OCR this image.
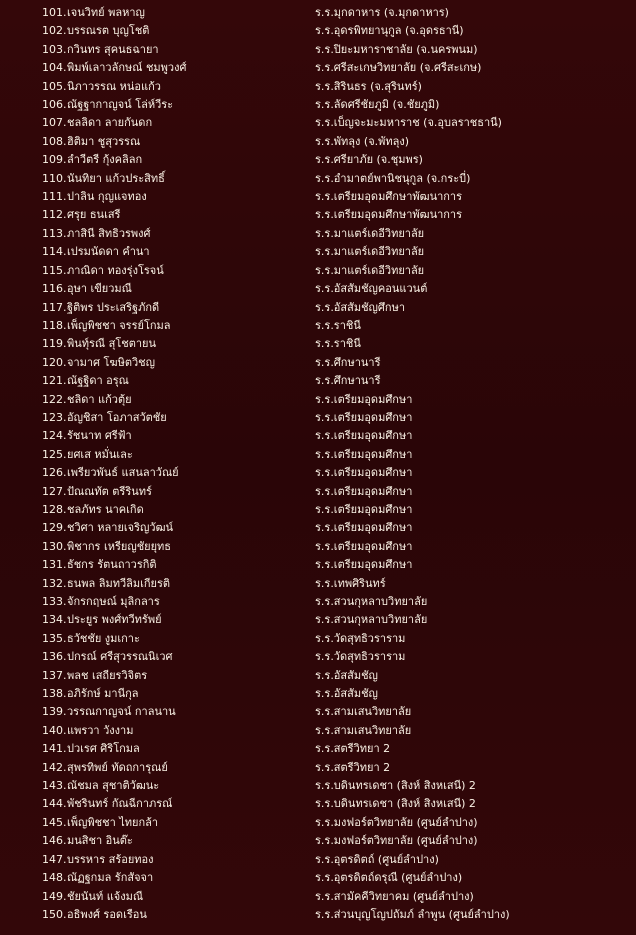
101. เจนวิทย์ พลหาญ	ร.ร.มุกดาหาร (จ.มุกดาหาร)
102. บรรณรต บุญโชติ	ร.ร.อุดรพิทยานุกูล (จ.อุดรธานี)
103. กวินทร สุคนธฉายา	ร.ร.ปิยะมหาราชาลัย (จ.นครพนม)
104. พิมพ์เลาวลักษณ์ ชมพูวงศ์	ร.ร.ศรีสะเกษวิทยาลัย (จ.ศรีสะเกษ)
105. นิภาวรรณ หน่อแก้ว	ร.ร.สิรินธร (จ.สุรินทร์)
106. ณัฐฐากาญจน์ โล่ห์วีระ	ร.ร.ลัดศรีชัยภูมิ (จ.ชัยภูมิ)
107. ชลลิดา ลายกันดก	ร.ร.เบ็ญจะมะมหาราช (จ.อุบลราชธานี)
108. ฮิติมา ชูสุวรรณ	ร.ร.พัทลุง (จ.พัทลุง)
109. ลำวีตรี กุ้งคลิลก	ร.ร.ศรียาภัย (จ.ชุมพร)
110. นันทิยา แก้วประสิทธิ์	ร.ร.อำมาตย์พานิชนุกูล (จ.กระบี่)
111. ปาลิน กุญแจทอง	ร.ร.เตรียมอุดมศึกษาพัฒนาการ
112. ศรุย ธนเสรี	ร.ร.เตรียมอุดมศึกษาพัฒนาการ
113. ภาสินี สิทธิวรพงศ์	ร.ร.มาแตร์เดอีวิทยาลัย
114. เปรมนัดดา คำนา	ร.ร.มาแตร์เดอีวิทยาลัย
115. ภาณิดา ทองรุ่งโรจน์	ร.ร.มาแตร์เดอีวิทยาลัย
116. อุษา เขียวมณี	ร.ร.อัสสัมชัญคอนแวนต์
117. ฐิติพร ประเสริฐภักดี	ร.ร.อัสสัมชัญศึกษา
118. เพ็ญพิชชา จรรย์โกมล	ร.ร.ราชินี
119. พินทุ์รณี สุโชตายน	ร.ร.ราชินี
120. จามาศ โฆษิตวิชญ	ร.ร.ศึกษานารี
121. ณัฐฐิดา อรุณ	ร.ร.ศึกษานารี
122. ชลิดา แก้วตุ้ย	ร.ร.เตรียมอุดมศึกษา
123. อัญชิสา โอภาสวัตชัย	ร.ร.เตรียมอุดมศึกษา
124. รัชนาท ศรีฟ้า	ร.ร.เตรียมอุดมศึกษา
125. ยศเส หมั่นเละ	ร.ร.เตรียมอุดมศึกษา
126. เพรียวพันธ์ แสนลาวัณย์	ร.ร.เตรียมอุดมศึกษา
127. ปัณณทัต ตรีรินทร์	ร.ร.เตรียมอุดมศึกษา
128. ชลภัทร นาคเกิด	ร.ร.เตรียมอุดมศึกษา
129. ชวิศา หลายเจริญวัฒน์	ร.ร.เตรียมอุดมศึกษา
130. พิชากร เหรียญชัยยุทธ	ร.ร.เตรียมอุดมศึกษา
131. ธัชกร รัตนถาวรกิติ	ร.ร.เตรียมอุดมศึกษา
132. ธนพล ลิมทวีลิมเกียรติ	ร.ร.เทพศิรินทร์
133. จักรกฤษณ์ มุลิกลาร	ร.ร.สวนกุหลาบวิทยาลัย
134. ประยูร พงศ์ทวีทรัพย์	ร.ร.สวนกุหลาบวิทยาลัย
135. ธวัชชัย งูมเกาะ	ร.ร.วัดสุทธิวราราม
136. ปกรณ์ ศรีสุวรรณนิเวศ	ร.ร.วัดสุทธิวราราม
137. พลช เสถียรวิจิตร	ร.ร.อัสสัมชัญ
138. อภิรักษ์ มานีกุล	ร.ร.อัสสัมชัญ
139. วรรณกาญจน์ กาลนาน	ร.ร.สามเสนวิทยาลัย
140. แพรวา วังงาม	ร.ร.สามเสนวิทยาลัย
141. ปวเรศ ศิริโกมล	ร.ร.สตรีวิทยา 2
142. สุพรทิพย์ ทัดถการุณย์	ร.ร.สตรีวิทยา 2
143. ณัชมล สุชาติวัฒนะ	ร.ร.บดินทรเดชา (สิงห์ สิงหเสนี) 2
144. พัชรินทร์ กัณฉีกาภรณ์	ร.ร.บดินทรเดชา (สิงห์ สิงหเสนี) 2
145. เพ็ญพิชชา ไทยกล้า	ร.ร.มงฟอร์ตวิทยาลัย (ศูนย์ลำปาง)
146. มนสิชา อินต๊ะ	ร.ร.มงฟอร์ตวิทยาลัย (ศูนย์ลำปาง)
147. บรรหาร สร้อยทอง	ร.ร.อุตรดิตถ์ (ศูนย์ลำปาง)
148. ณัฏฐกมล รักสัจจา	ร.ร.อุตรดิตถ์ดรุณี (ศูนย์ลำปาง)
149. ชัยนันท์ แจ้งมณี	ร.ร.สามัคคีวิทยาคม (ศูนย์ลำปาง)
150. อธิพงศ์ รอดเรือน	ร.ร.ส่วนบุญโญปถัมภ์ ลำพูน (ศูนย์ลำปาง)
